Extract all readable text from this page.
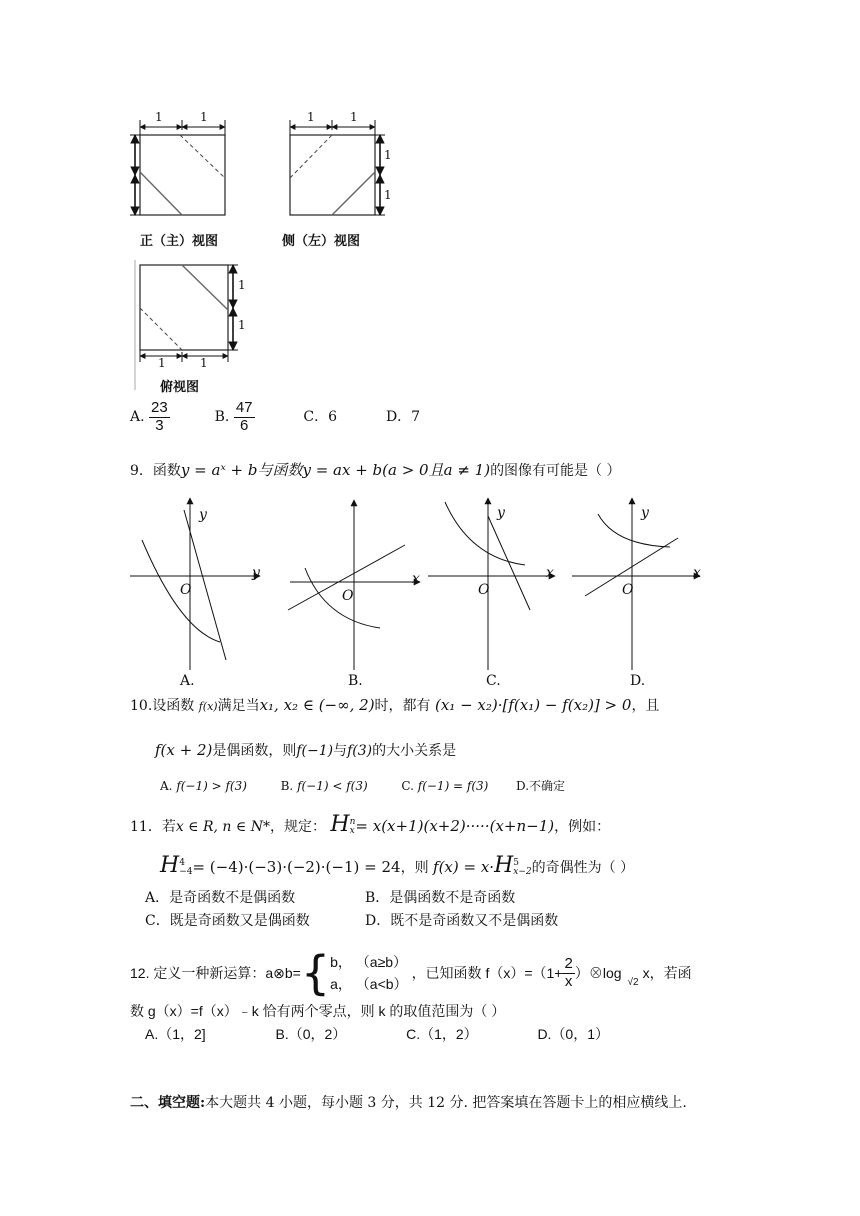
1	1
正（主）视图
1	1
1
1
侧（左）视图
1
1
1	1
俯视图
A. $\frac{23}{3}$	B. $\frac{47}{6}$	C．6	D．7
9．函数y = aˣ + b与函数y = ax + b(a > 0且a ≠ 1)的图像有可能是（ ）
y
y
O
A.
x
O
B.
y
x
O
C.
y
x
O
D.
10.设函数 f(x)满足当x₁, x₂ ∈ (−∞, 2)时，都有 (x₁ − x₂)·[f(x₁) − f(x₂)] > 0，且
f(x + 2)是偶函数，则f(−1)与f(3)的大小关系是
A. f(−1) > f(3)	B. f(−1) < f(3)	C. f(−1) = f(3) D.不确定
11．若x ∈ R, n ∈ N*，规定： H n
x = x(x+1)(x+2)·····(x+n−1)，例如：
H 4
−4 = (−4)·(−3)·(−2)·(−1) = 24，则 f(x) = x·H 5
x−2 的奇偶性为（ ）
A．是奇函数不是偶函数	B．是偶函数不是奇函数
C．既是奇函数又是偶函数	D．既不是奇函数又不是偶函数
12. 定义一种新运算：a⊗b= { b， （a≥b）
a， （a<b）
，已知函数 $f(x)=(1+ \frac{2}{x}$ ）⊗log
√2
x，若函
数 g（x）=f（x）﹣k 恰有两个零点，则 k 的取值范围为（ ）
A.（1，2]	B.（0，2）	C.（1，2）	D.（0，1）
二、填空题:本大题共 4 小题，每小题 3 分，共 12 分. 把答案填在答题卡上的相应横线上.
